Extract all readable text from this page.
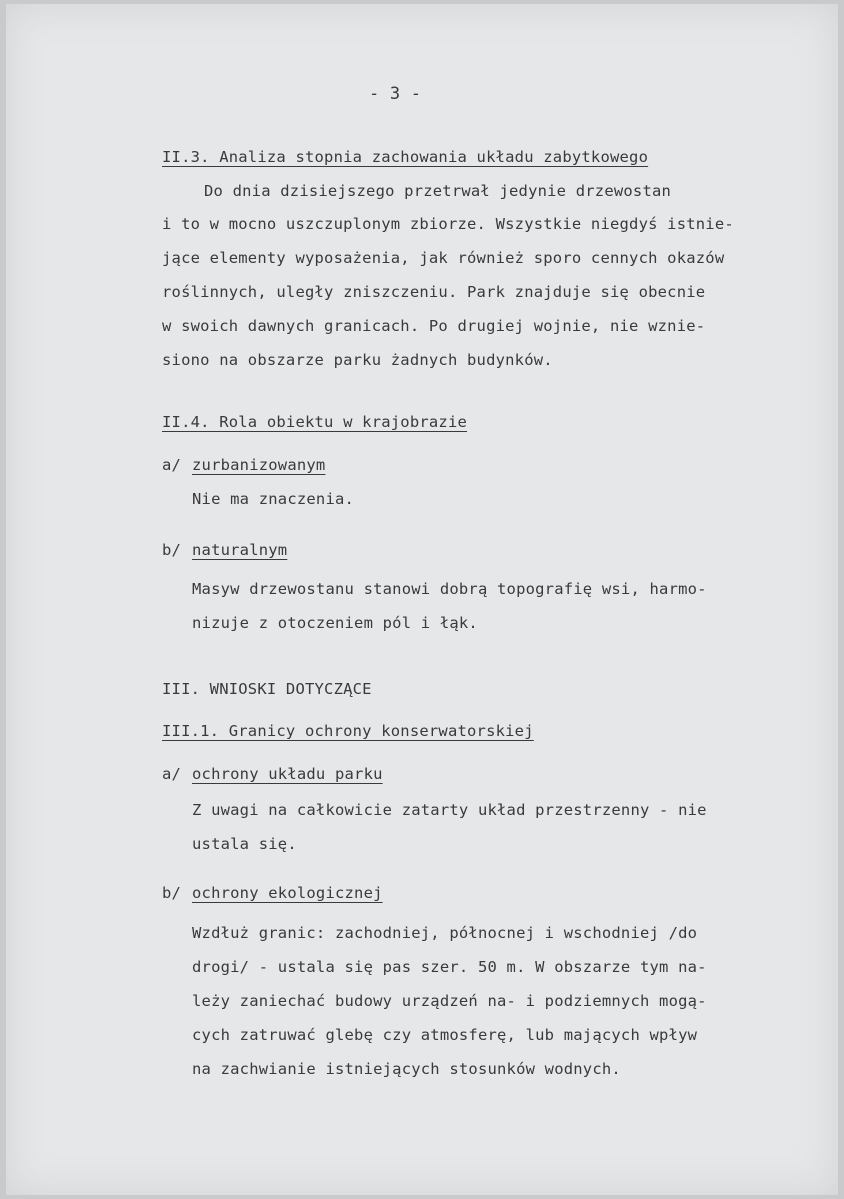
- 3 -
II.3. Analiza stopnia zachowania układu zabytkowego
Do dnia dzisiejszego przetrwał jedynie drzewostan
i to w mocno uszczuplonym zbiorze. Wszystkie niegdyś istnie-
jące elementy wyposażenia, jak również sporo cennych okazów
roślinnych, uległy zniszczeniu. Park znajduje się obecnie
w swoich dawnych granicach. Po drugiej wojnie, nie wznie-
siono na obszarze parku żadnych budynków.
II.4. Rola obiektu w krajobrazie
a/ zurbanizowanym
Nie ma znaczenia.
b/ naturalnym
Masyw drzewostanu stanowi dobrą topografię wsi, harmo-
nizuje z otoczeniem pól i łąk.
III. WNIOSKI DOTYCZĄCE
III.1. Granicy ochrony konserwatorskiej
a/ ochrony układu parku
Z uwagi na całkowicie zatarty układ przestrzenny - nie
ustala się.
b/ ochrony ekologicznej
Wzdłuż granic: zachodniej, północnej i wschodniej /do
drogi/ - ustala się pas szer. 50 m. W obszarze tym na-
leży zaniechać budowy urządzeń na- i podziemnych mogą-
cych zatruwać glebę czy atmosferę, lub mających wpływ
na zachwianie istniejących stosunków wodnych.
